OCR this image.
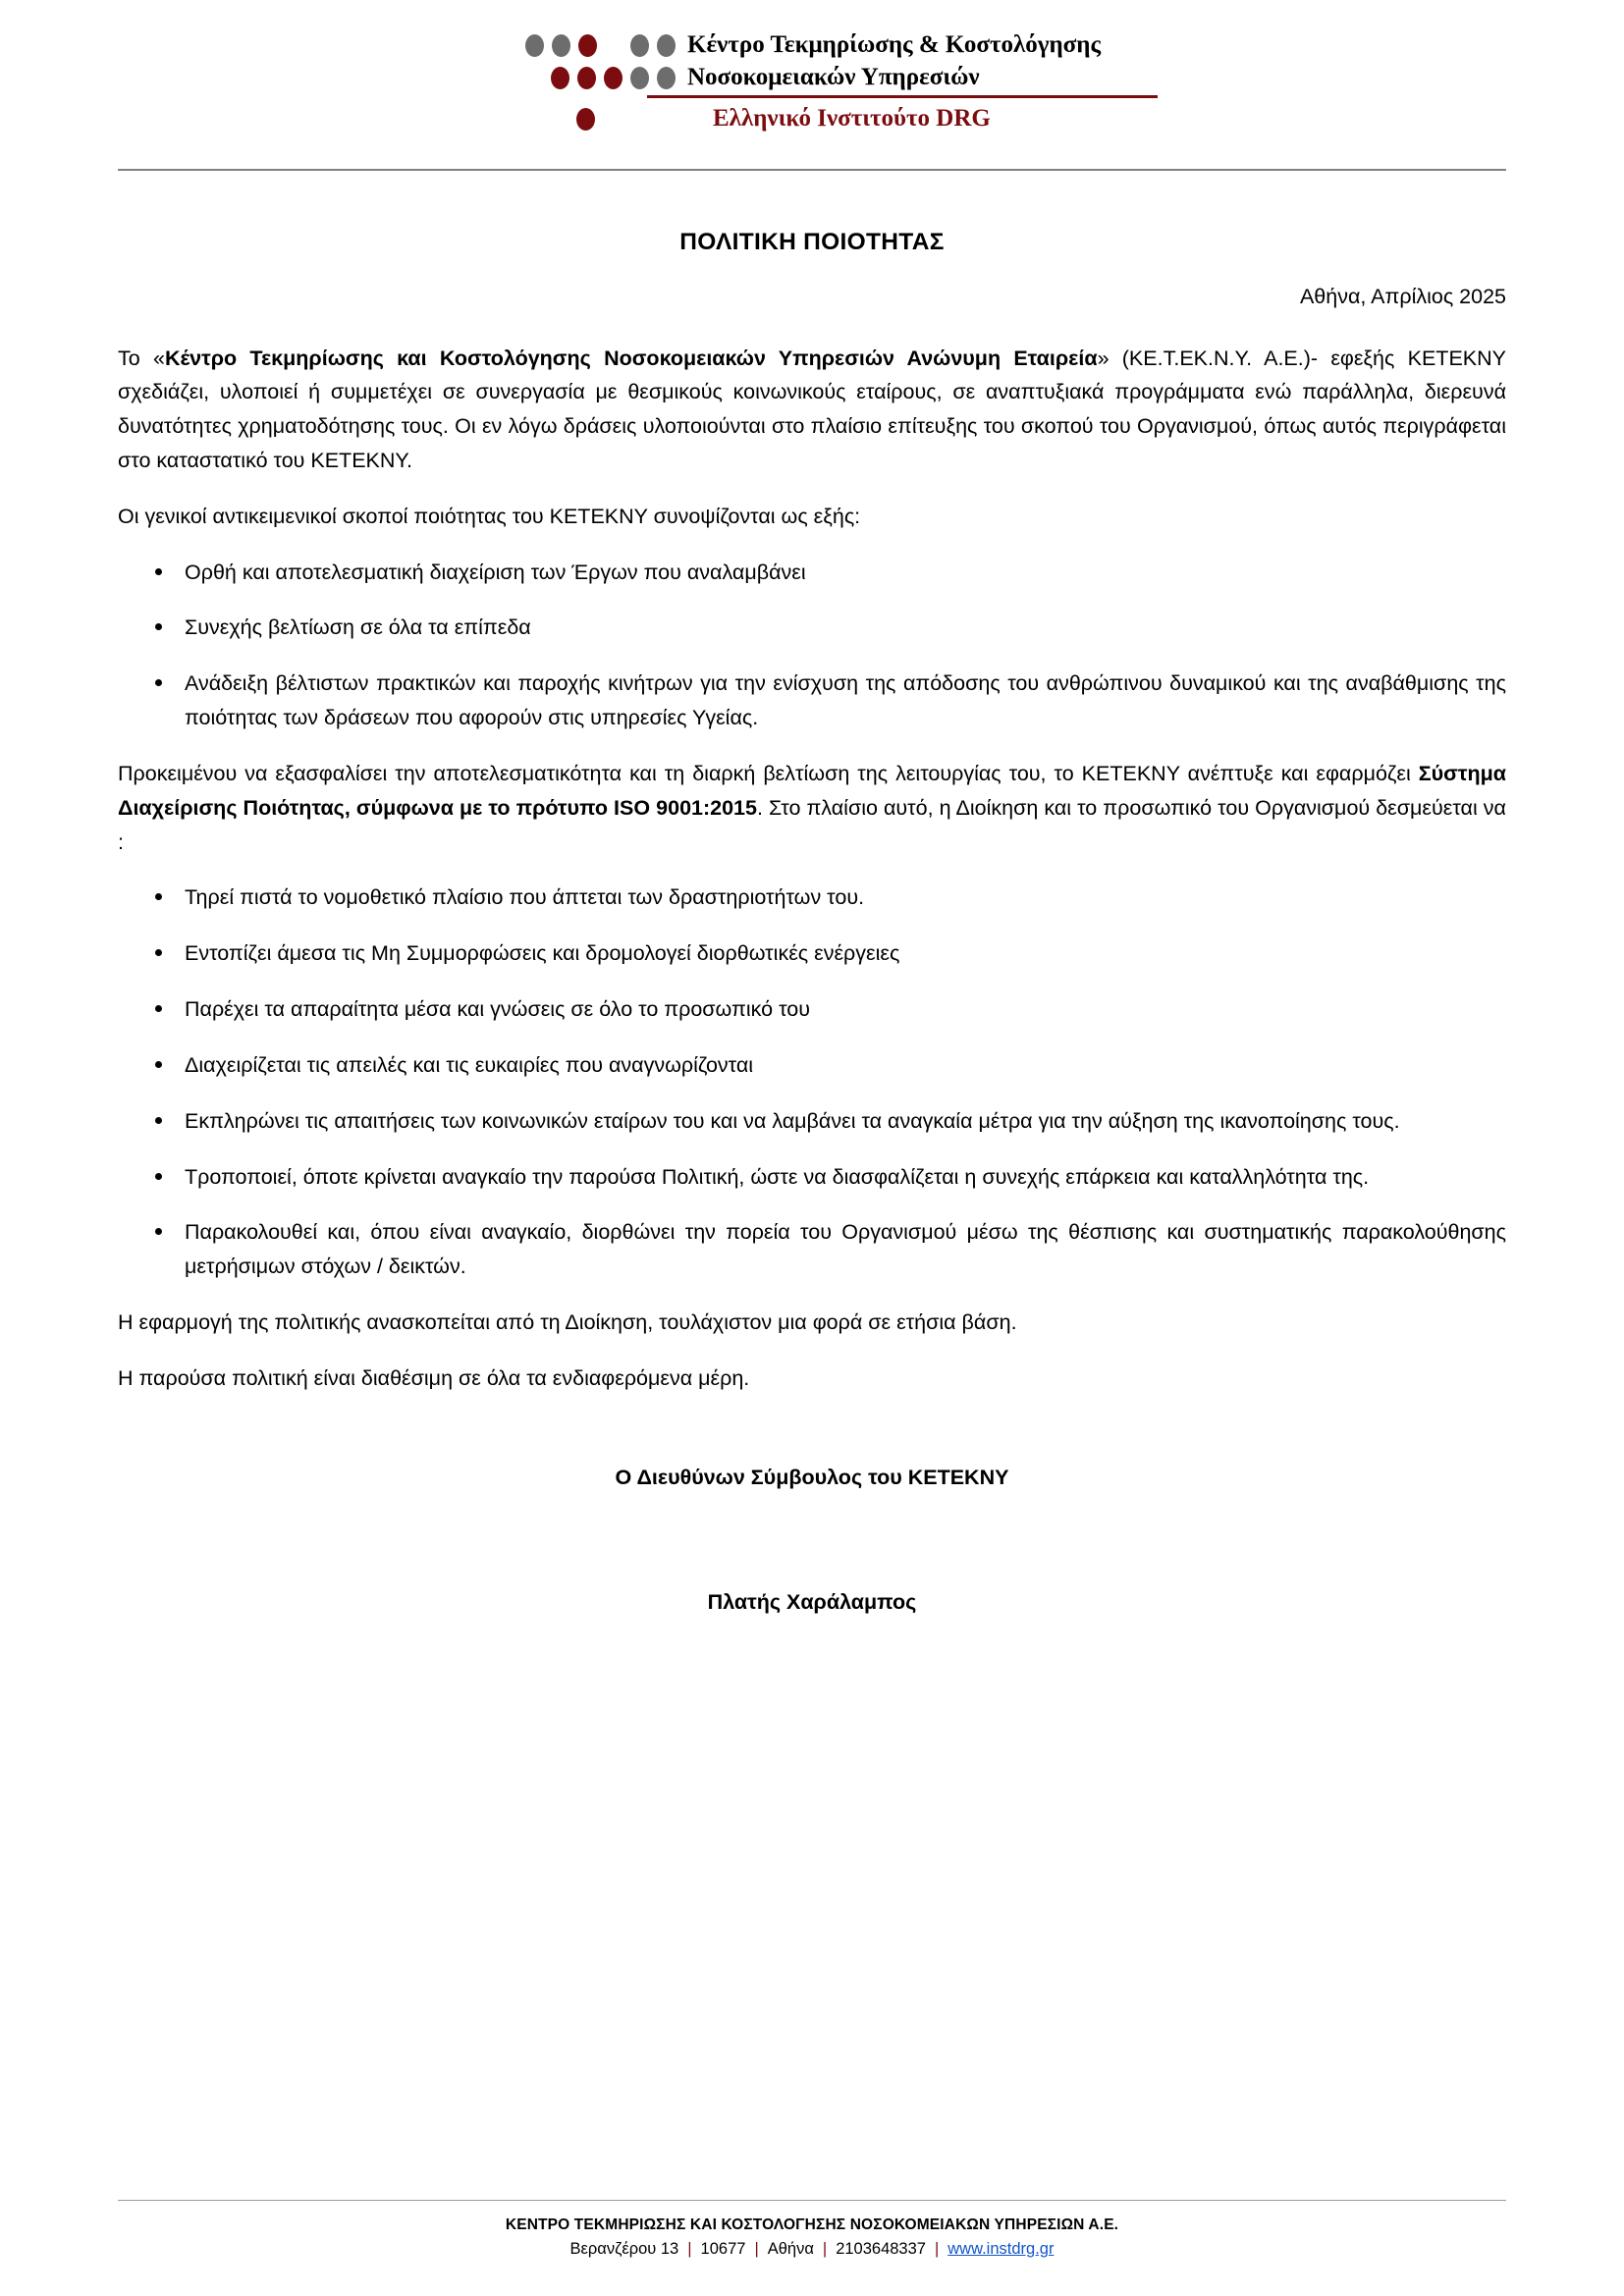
Κέντρο Τεκμηρίωσης & Κοστολόγησης
Νοσοκομειακών Υπηρεσιών
Ελληνικό Ινστιτούτο DRG
ΠΟΛΙΤΙΚΗ ΠΟΙΟΤΗΤΑΣ
Αθήνα, Απρίλιος 2025

Το «Κέντρο Τεκμηρίωσης και Κοστολόγησης Νοσοκομειακών Υπηρεσιών Ανώνυμη Εταιρεία» (ΚΕ.Τ.ΕΚ.Ν.Υ. Α.Ε.)- εφεξής ΚΕΤΕΚΝΥ σχεδιάζει, υλοποιεί ή συμμετέχει σε συνεργασία με θεσμικούς κοινωνικούς εταίρους, σε αναπτυξιακά προγράμματα ενώ παράλληλα, διερευνά δυνατότητες χρηματοδότησης τους. Οι εν λόγω δράσεις υλοποιούνται στο πλαίσιο επίτευξης του σκοπού του Οργανισμού, όπως αυτός περιγράφεται στο καταστατικό του ΚΕΤΕΚΝΥ.

Οι γενικοί αντικειμενικοί σκοποί ποιότητας του ΚΕΤΕΚΝΥ συνοψίζονται ως εξής:

Ορθή και αποτελεσματική διαχείριση των Έργων που αναλαμβάνει
Συνεχής βελτίωση σε όλα τα επίπεδα
Ανάδειξη βέλτιστων πρακτικών και παροχής κινήτρων για την ενίσχυση της απόδοσης του ανθρώπινου δυναμικού και της αναβάθμισης της ποιότητας των δράσεων που αφορούν στις υπηρεσίες Υγείας.

Προκειμένου να εξασφαλίσει την αποτελεσματικότητα και τη διαρκή βελτίωση της λειτουργίας του, το ΚΕΤΕΚΝΥ ανέπτυξε και εφαρμόζει Σύστημα Διαχείρισης Ποιότητας, σύμφωνα με το πρότυπο ISO 9001:2015. Στο πλαίσιο αυτό, η Διοίκηση και το προσωπικό του Οργανισμού δεσμεύεται να :

Τηρεί πιστά το νομοθετικό πλαίσιο που άπτεται των δραστηριοτήτων του.
Εντοπίζει άμεσα τις Μη Συμμορφώσεις και δρομολογεί διορθωτικές ενέργειες
Παρέχει τα απαραίτητα μέσα και γνώσεις σε όλο το προσωπικό του
Διαχειρίζεται τις απειλές και τις ευκαιρίες που αναγνωρίζονται
Εκπληρώνει τις απαιτήσεις των κοινωνικών εταίρων του και να λαμβάνει τα αναγκαία μέτρα για την αύξηση της ικανοποίησης τους.
Τροποποιεί, όποτε κρίνεται αναγκαίο την παρούσα Πολιτική, ώστε να διασφαλίζεται η συνεχής επάρκεια και καταλληλότητα της.
Παρακολουθεί και, όπου είναι αναγκαίο, διορθώνει την πορεία του Οργανισμού μέσω της θέσπισης και συστηματικής παρακολούθησης μετρήσιμων στόχων / δεικτών.

Η εφαρμογή της πολιτικής ανασκοπείται από τη Διοίκηση, τουλάχιστον μια φορά σε ετήσια βάση.

Η παρούσα πολιτική είναι διαθέσιμη σε όλα τα ενδιαφερόμενα μέρη.

Ο Διευθύνων Σύμβουλος του ΚΕΤΕΚΝΥ

Πλατής Χαράλαμπος

ΚΕΝΤΡΟ ΤΕΚΜΗΡΙΩΣΗΣ ΚΑΙ ΚΟΣΤΟΛΟΓΗΣΗΣ ΝΟΣΟΚΟΜΕΙΑΚΩΝ ΥΠΗΡΕΣΙΩΝ Α.Ε.
Βερανζέρου 13 | 10677 | Αθήνα | 2103648337 | www.instdrg.gr
